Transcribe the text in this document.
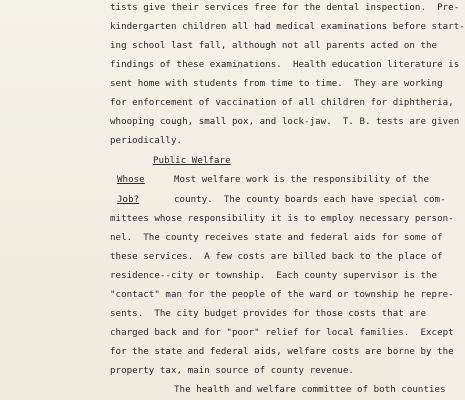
tists give their services free for the dental inspection.  Pre-
kindergarten children all had medical examinations before start-
ing school last fall, although not all parents acted on the
findings of these examinations.  Health education literature is
sent home with students from time to time.  They are working
for enforcement of vaccination of all children for diphtheria,
whooping cough, small pox, and lock-jaw.  T. B. tests are given
periodically.
Public Welfare
Whose	Most welfare work is the responsibility of the
Job?	county.  The county boards each have special com-
mittees whose responsibility it is to employ necessary person-
nel.  The county receives state and federal aids for some of
these services.  A few costs are billed back to the place of
residence--city or township.  Each county supervisor is the
"contact" man for the people of the ward or township he repre-
sents.  The city budget provides for those costs that are
charged back and for "poor" relief for local families.  Except
for the state and federal aids, welfare costs are borne by the
property tax, main source of county revenue.
The health and welfare committee of both counties
